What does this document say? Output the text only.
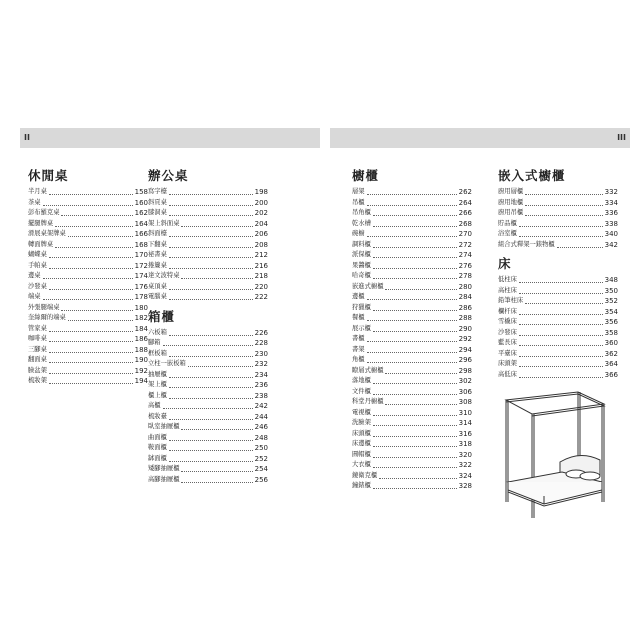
II
休閒桌
半月桌	158
茶桌	160
彭布羅克桌	162
擺腿牌桌	164
滑展桌架牌桌	166
轉面牌桌	168
蝴蝶桌	170
手帕桌	172
邊桌	174
沙發桌	176
端桌	178
外張腿端桌	180
奎絲爾的端桌	182
管家桌	184
咖啡桌	186
三腳桌	188
翻面桌	190
臉盆架	192
梳妝架	194
辦公桌
寫字檯	198
斜頁桌	200
膝洞桌	202
架上斜面桌	204
斜面檯	206
下翻桌	208
祕書桌	212
捲簾桌	216
達文波特桌	218
桌頂桌	220
電腦桌	222
箱櫃
六板箱	226
腳箱	228
框板箱	230
立柱一嵌板箱	232
抽屜櫃	234
架上櫃	236
櫃上櫃	238
高櫃	242
梳妝臺	244
臥室抽屜櫃	246
曲面櫃	248
鞍面櫃	250
缽面櫃	252
矮腳抽屜櫃	254
高腳抽屜櫃	256
III
櫥櫃
層架	262
吊櫃	264
吊角櫃	266
乾水槽	268
碗櫥	270
調料櫃	272
派保櫃	274
果醬櫃	276
哈奇櫃	278
嵌進式櫥櫃	280
邊櫃	284
狩獵櫃	286
餐櫃	288
展示櫃	290
書櫃	292
書架	294
角櫃	296
瞭層式櫥櫃	298
落地櫃	302
文件櫃	306
科堂丹櫥櫃	308
電視櫃	310
洗臉架	314
床頭櫃	316
床邊櫃	318
圓帽櫃	320
大衣櫃	322
鏡衛克櫃	324
鐘錶櫃	328
嵌入式櫥櫃
廚用層櫃	332
廚用地櫃	334
廚用吊櫃	336
貯品櫃	338
浴室櫃	340
組合式釋架一錶物櫃	342
床
低柱床	348
高柱床	350
鉛筆柱床	352
欄杆床	354
雪橇床	356
沙發床	358
藍長床	360
平臺床	362
床頭架	364
高低床	366
